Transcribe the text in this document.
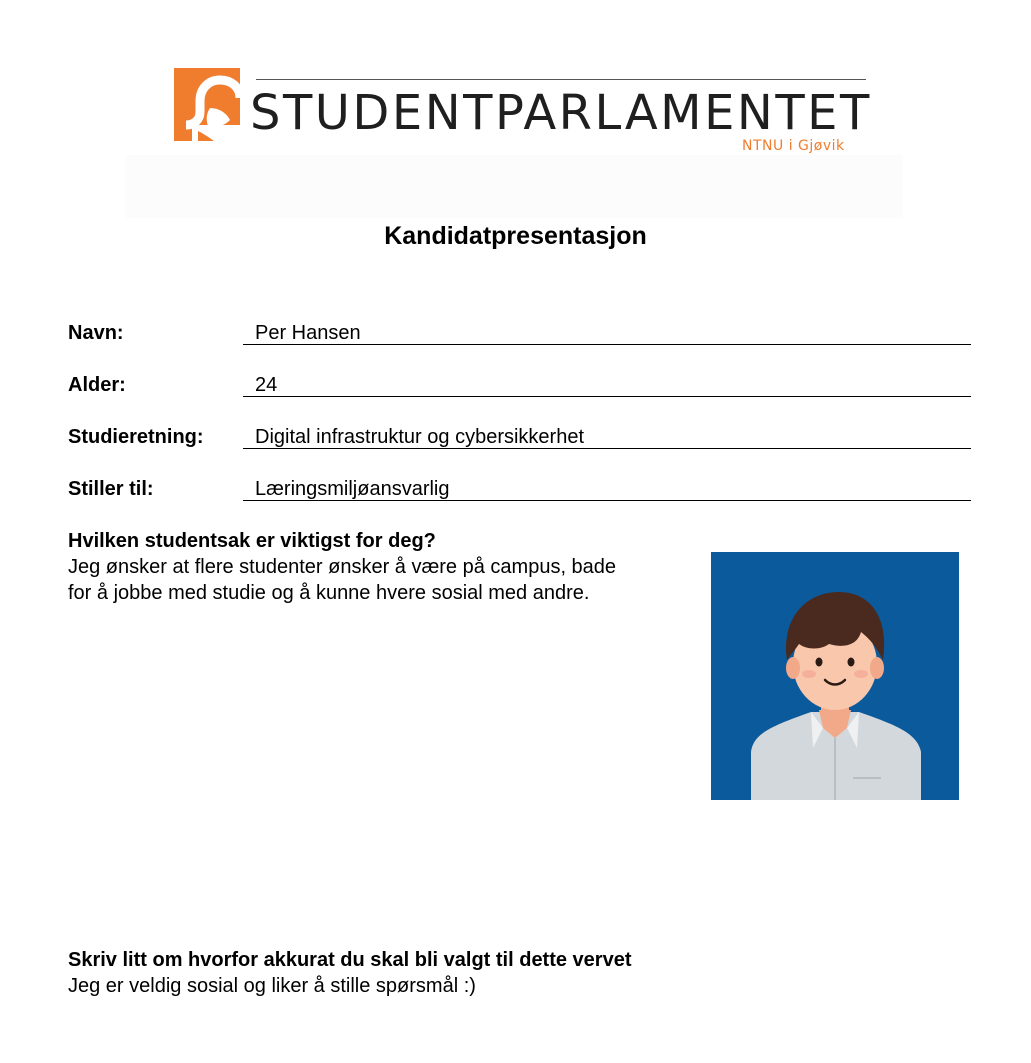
STUDENTPARLAMENTET
NTNU i Gjøvik
Kandidatpresentasjon
Navn:	Per Hansen
Alder:	24
Studieretning:	Digital infrastruktur og cybersikkerhet
Stiller til:	Læringsmiljøansvarlig
Hvilken studentsak er viktigst for deg?
Jeg ønsker at flere studenter ønsker å være på campus, bade
for å jobbe med studie og å kunne hvere sosial med andre.
Skriv litt om hvorfor akkurat du skal bli valgt til dette vervet
Jeg er veldig sosial og liker å stille spørsmål :)
